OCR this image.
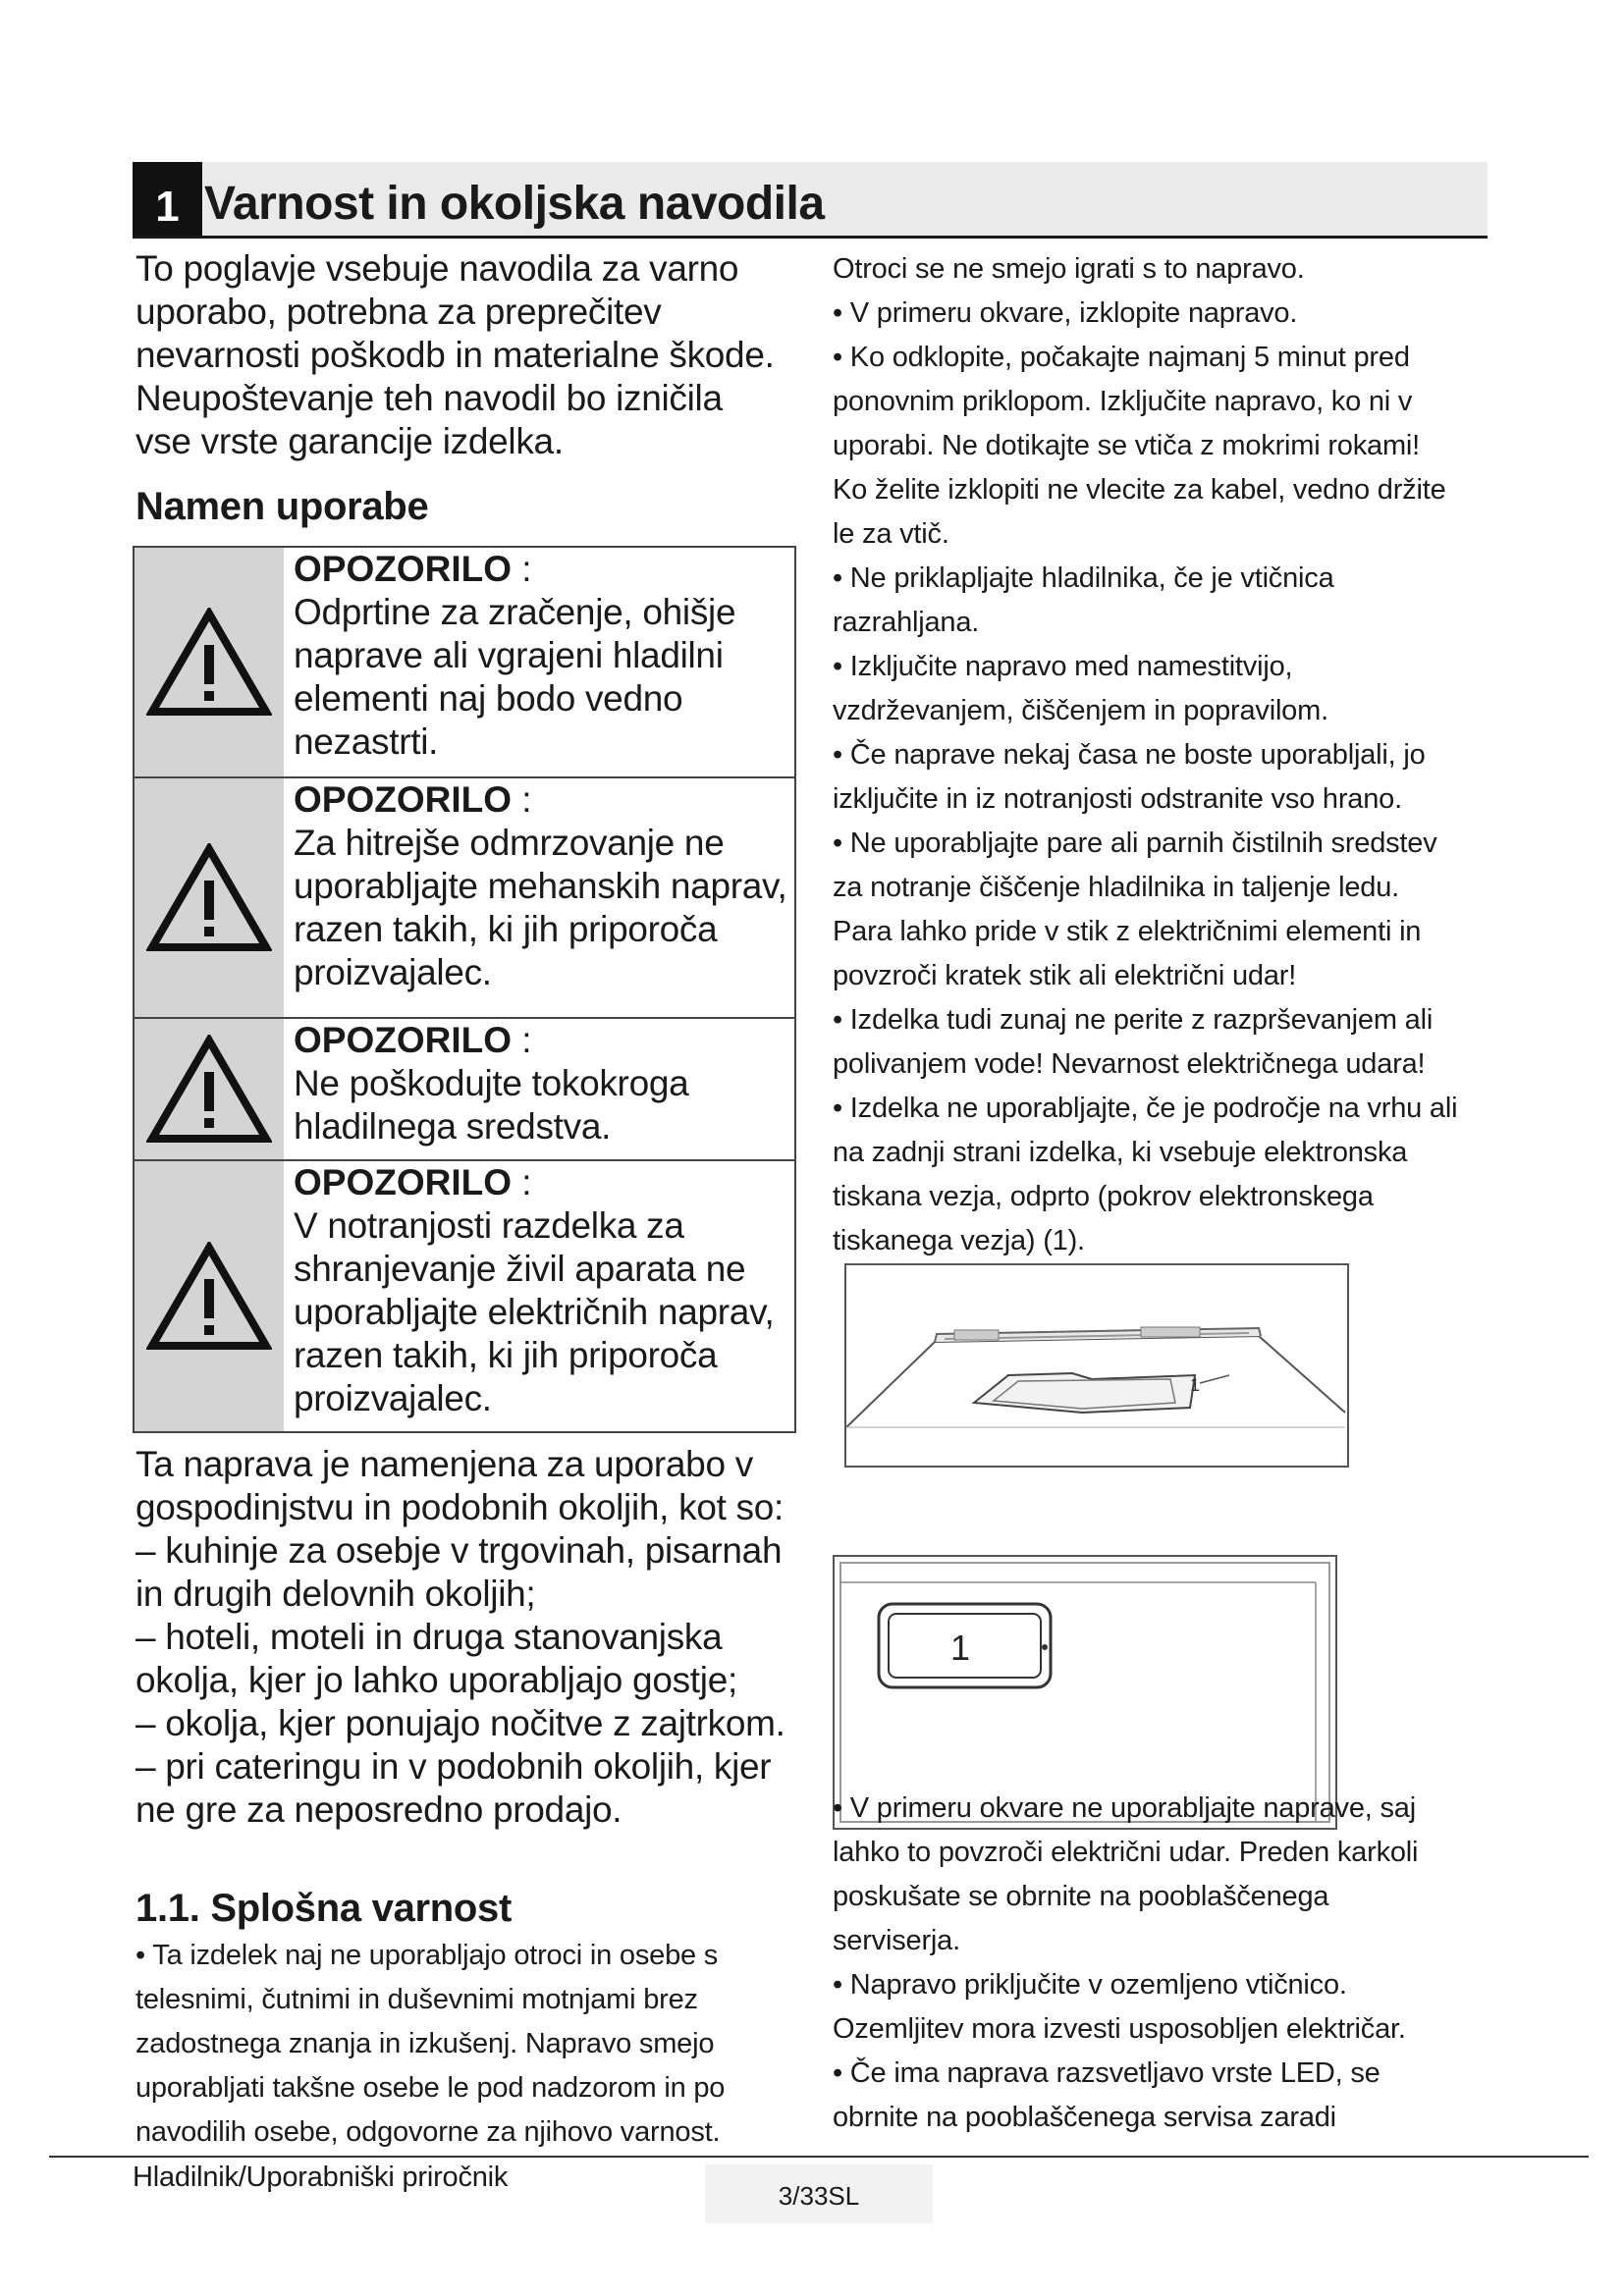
1 Varnost in okoljska navodila
To poglavje vsebuje navodila za varno uporabo, potrebna za preprečitev nevarnosti poškodb in materialne škode. Neupoštevanje teh navodil bo izničila vse vrste garancije izdelka.
Namen uporabe
OPOZORILO :
Odprtine za zračenje, ohišje naprave ali vgrajeni hladilni elementi naj bodo vedno nezastrti.
OPOZORILO :
Za hitrejše odmrzovanje ne uporabljajte mehanskih naprav, razen takih, ki jih priporoča proizvajalec.
OPOZORILO :
Ne poškodujte tokokroga hladilnega sredstva.
OPOZORILO :
V notranjosti razdelka za shranjevanje živil aparata ne uporabljajte električnih naprav, razen takih, ki jih priporoča proizvajalec.

Ta naprava je namenjena za uporabo v gospodinjstvu in podobnih okoljih, kot so:

– kuhinje za osebje v trgovinah, pisarnah in drugih delovnih okoljih;

– hoteli, moteli in druga stanovanjska okolja, kjer jo lahko uporabljajo gostje;

– okolja, kjer ponujajo nočitve z zajtrkom.

– pri cateringu in v podobnih okoljih, kjer ne gre za neposredno prodajo.

1.1. Splošna varnost
• Ta izdelek naj ne uporabljajo otroci in osebe s telesnimi, čutnimi in duševnimi motnjami brez zadostnega znanja in izkušenj. Napravo smejo uporabljati takšne osebe le pod nadzorom in po navodilih osebe, odgovorne za njihovo varnost.

Otroci se ne smejo igrati s to napravo.

• V primeru okvare, izklopite napravo.

• Ko odklopite, počakajte najmanj 5 minut pred ponovnim priklopom. Izključite napravo, ko ni v uporabi. Ne dotikajte se vtiča z mokrimi rokami! Ko želite izklopiti ne vlecite za kabel, vedno držite le za vtič.

• Ne priklapljajte hladilnika, če je vtičnica razrahljana.

• Izključite napravo med namestitvijo, vzdrževanjem, čiščenjem in popravilom.

• Če naprave nekaj časa ne boste uporabljali, jo izključite in iz notranjosti odstranite vso hrano.

• Ne uporabljajte pare ali parnih čistilnih sredstev za notranje čiščenje hladilnika in taljenje ledu. Para lahko pride v stik z električnimi elementi in povzroči kratek stik ali električni udar!

• Izdelka tudi zunaj ne perite z razprševanjem ali polivanjem vode! Nevarnost električnega udara!

• Izdelka ne uporabljajte, če je področje na vrhu ali na zadnji strani izdelka, ki vsebuje elektronska tiskana vezja, odprto (pokrov elektronskega tiskanega vezja) (1).

1
1

• V primeru okvare ne uporabljajte naprave, saj lahko to povzroči električni udar. Preden karkoli poskušate se obrnite na pooblaščenega serviserja.

• Napravo priključite v ozemljeno vtičnico. Ozemljitev mora izvesti usposobljen električar.

• Če ima naprava razsvetljavo vrste LED, se obrnite na pooblaščenega servisa zaradi

Hladilnik/Uporabniški priročnik
3/33SL
